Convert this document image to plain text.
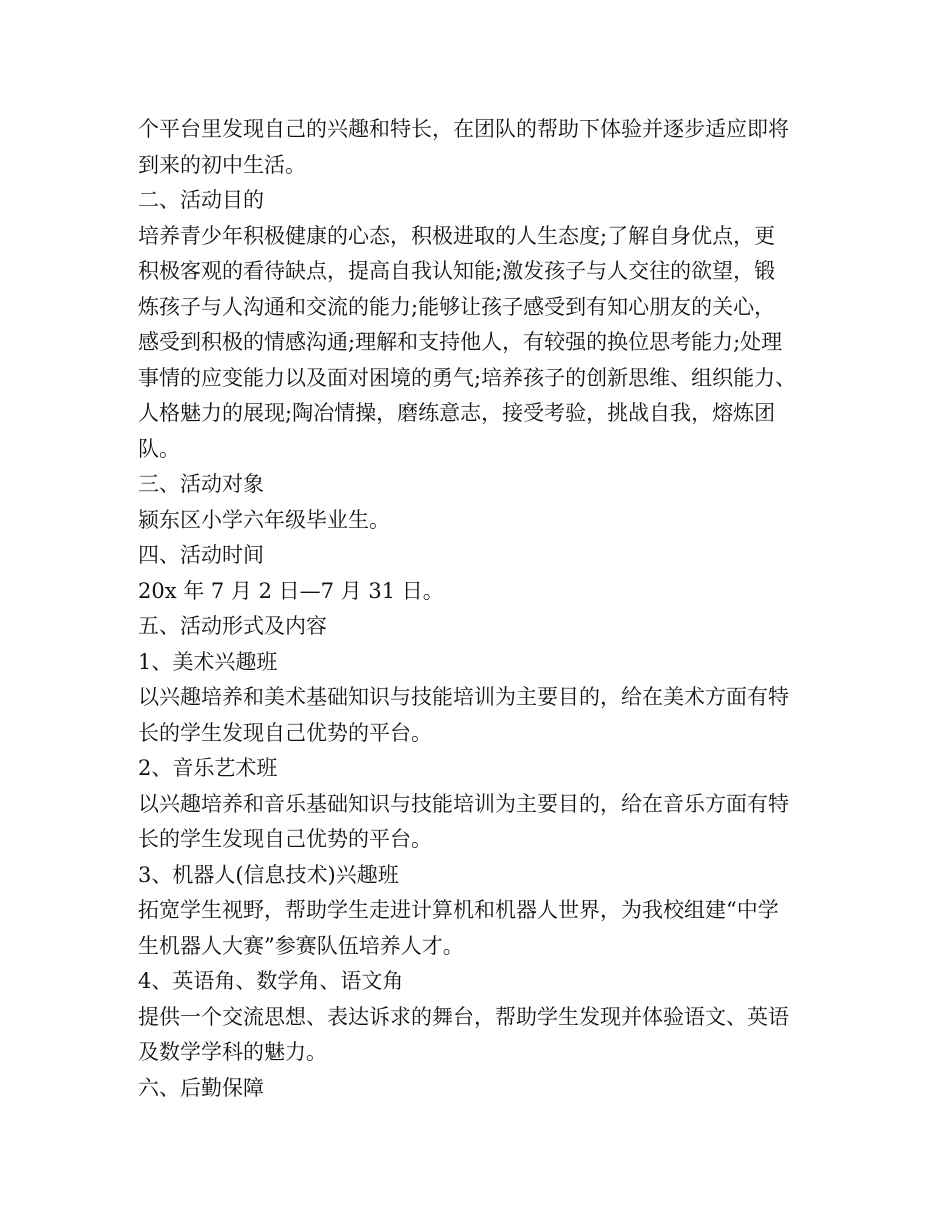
个平台里发现自己的兴趣和特长，在团队的帮助下体验并逐步适应即将

到来的初中生活。

二、活动目的

培养青少年积极健康的心态，积极进取的人生态度;了解自身优点，更

积极客观的看待缺点，提高自我认知能;激发孩子与人交往的欲望，锻

炼孩子与人沟通和交流的能力;能够让孩子感受到有知心朋友的关心，

感受到积极的情感沟通;理解和支持他人，有较强的换位思考能力;处理

事情的应变能力以及面对困境的勇气;培养孩子的创新思维、组织能力、

人格魅力的展现;陶冶情操，磨练意志，接受考验，挑战自我，熔炼团

队。

三、活动对象

颍东区小学六年级毕业生。

四、活动时间

20x 年 7 月 2 日—7 月 31 日。

五、活动形式及内容

1、美术兴趣班

以兴趣培养和美术基础知识与技能培训为主要目的，给在美术方面有特

长的学生发现自己优势的平台。

2、音乐艺术班

以兴趣培养和音乐基础知识与技能培训为主要目的，给在音乐方面有特

长的学生发现自己优势的平台。

3、机器人(信息技术)兴趣班

拓宽学生视野，帮助学生走进计算机和机器人世界，为我校组建“中学

生机器人大赛”参赛队伍培养人才。

4、英语角、数学角、语文角

提供一个交流思想、表达诉求的舞台，帮助学生发现并体验语文、英语

及数学学科的魅力。

六、后勤保障
